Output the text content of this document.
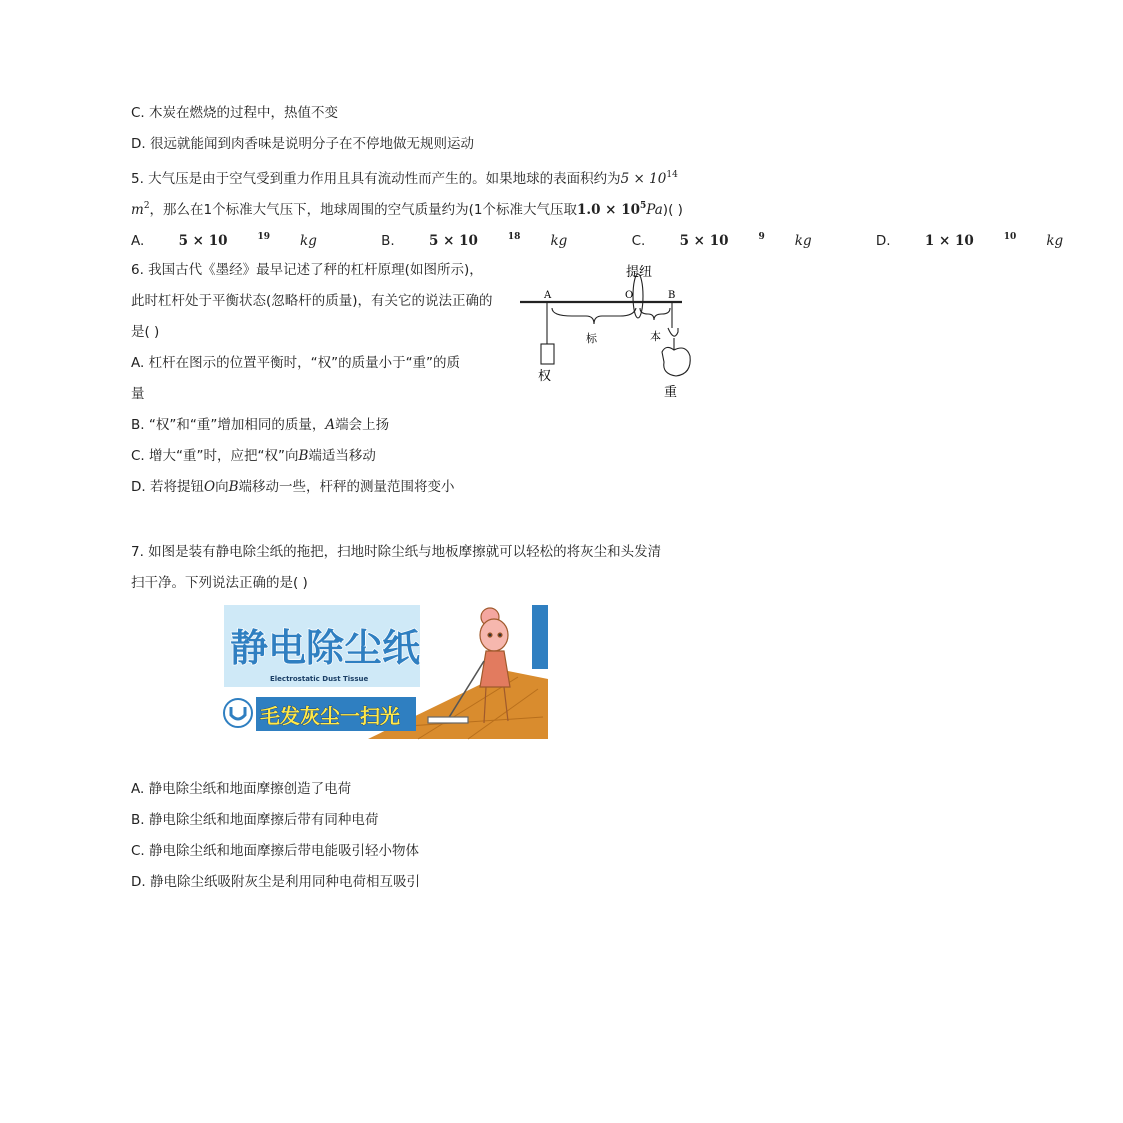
C. 木炭在燃烧的过程中，热值不变
D. 很远就能闻到肉香味是说明分子在不停地做无规则运动
5. 大气压是由于空气受到重力作用且具有流动性而产生的。如果地球的表面积约为$5 \times 10^{14}$
$m^2$，那么在1个标准大气压下，地球周围的空气质量约为(1个标准大气压取$1.0 \times 10^5Pa$)( )
A.	5 × 10	$^{19}$ kg	B.	5 × 10	$^{18}$ kg	C.	5 × 10	$^9$ kg	D.	1 × 10	$^{10}$ kg
6. 我国古代《墨经》最早记述了秤的杠杆原理(如图所示)，
此时杠杆处于平衡状态(忽略杆的质量)，有关它的说法正确的
是( )
A. 杠杆在图示的位置平衡时，“权”的质量小于“重”的质
量
B. “权”和“重”增加相同的质量，A端会上扬
C. 增大“重”时，应把“权”向B端适当移动
D. 若将提钮O向B端移动一些，杆秤的测量范围将变小
A	O	B
提纽
标	本
权
重
7. 如图是装有静电除尘纸的拖把，扫地时除尘纸与地板摩擦就可以轻松的将灰尘和头发清
扫干净。下列说法正确的是( )
静电除尘纸
Electrostatic Dust Tissue
毛发灰尘一扫光
A. 静电除尘纸和地面摩擦创造了电荷
B. 静电除尘纸和地面摩擦后带有同种电荷
C. 静电除尘纸和地面摩擦后带电能吸引轻小物体
D. 静电除尘纸吸附灰尘是利用同种电荷相互吸引
